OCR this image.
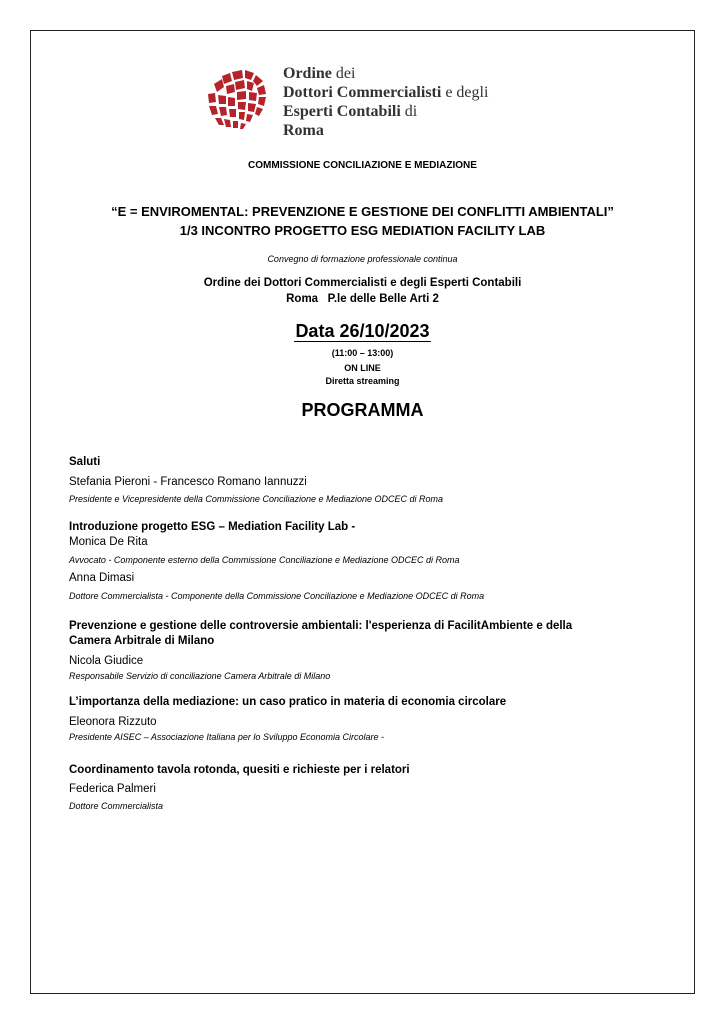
Ordine dei
Dottori Commercialisti e degli
Esperti Contabili di
Roma
COMMISSIONE CONCILIAZIONE E MEDIAZIONE
“E = ENVIROMENTAL: PREVENZIONE E GESTIONE DEI CONFLITTI AMBIENTALI”
1/3 INCONTRO PROGETTO ESG MEDIATION FACILITY LAB
Convegno di formazione professionale continua
Ordine dei Dottori Commercialisti e degli Esperti Contabili
Roma   P.le delle Belle Arti 2
Data 26/10/2023
(11:00 – 13:00)
ON LINE
Diretta streaming
PROGRAMMA
Saluti
Stefania Pieroni - Francesco Romano Iannuzzi
Presidente e Vicepresidente della Commissione Conciliazione e Mediazione ODCEC di Roma
Introduzione progetto ESG – Mediation Facility Lab -
Monica De Rita
Avvocato - Componente esterno della Commissione Conciliazione e Mediazione ODCEC di Roma
Anna Dimasi
Dottore Commercialista - Componente della Commissione Conciliazione e Mediazione ODCEC di Roma
Prevenzione e gestione delle controversie ambientali: l'esperienza di FacilitAmbiente e della
Camera Arbitrale di Milano
Nicola Giudice
Responsabile Servizio di conciliazione Camera Arbitrale di Milano
L’importanza della mediazione: un caso pratico in materia di economia circolare
Eleonora Rizzuto
Presidente AISEC – Associazione Italiana per lo Sviluppo Economia Circolare -
Coordinamento tavola rotonda, quesiti e richieste per i relatori
Federica Palmeri
Dottore Commercialista
